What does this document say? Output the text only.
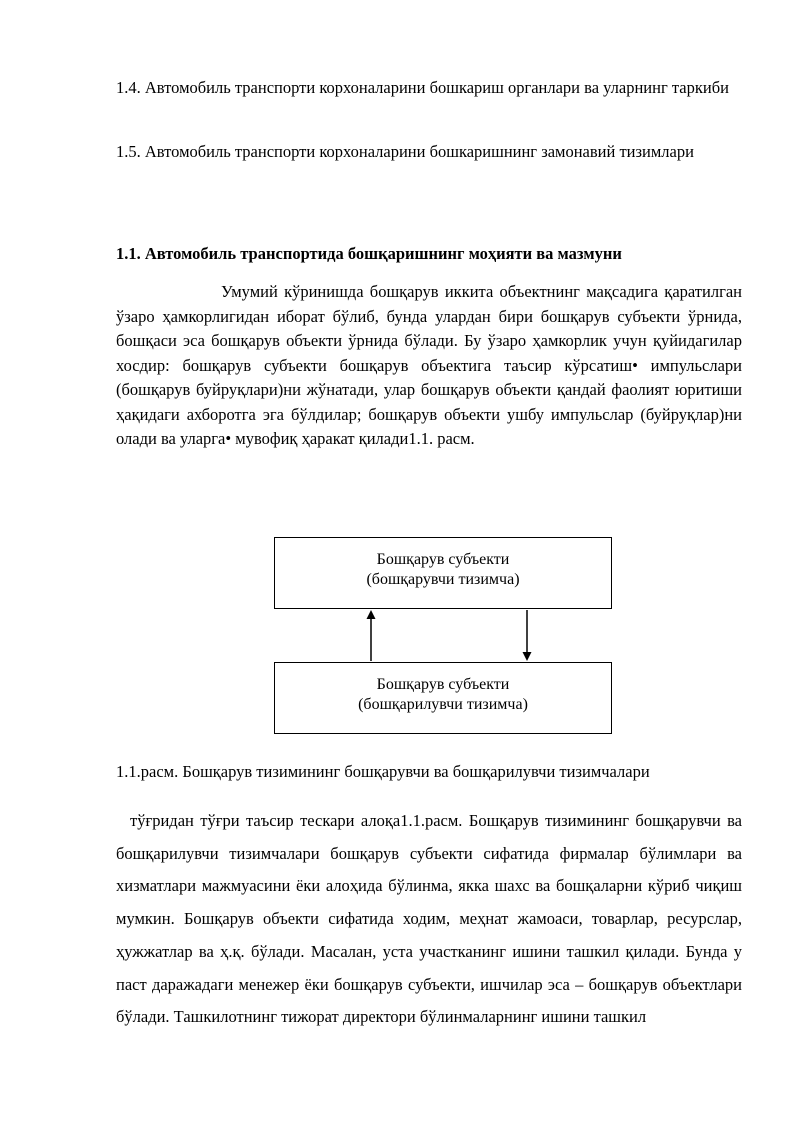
1.4. Автомобиль транспорти корхоналарини бошкариш органлари ва уларнинг таркиби

1.5. Автомобиль транспорти корхоналарини бошкаришнинг замонавий тизимлари

1.1. Автомобиль транспортида бошқаришнинг моҳияти ва мазмуни

Умумий кўринишда бошқарув иккита объектнинг мақсадига қаратилган ўзаро ҳамкорлигидан иборат бўлиб, бунда улардан бири бошқарув субъекти ўрнида, бошқаси эса бошқарув объекти ўрнида бўлади. Бу ўзаро ҳамкорлик учун қуйидагилар хосдир: бошқарув субъекти бошқарув объектига таъсир кўрсатиш• импульслари (бошқарув буйруқлари)ни жўнатади, улар бошқарув объекти қандай фаолият юритиши ҳақидаги ахборотга эга бўлдилар; бошқарув объекти ушбу импульслар (буйруқлар)ни олади ва уларга• мувофиқ ҳаракат қилади1.1. расм.

Бошқарув субъекти
(бошқарувчи тизимча)
Бошқарув субъекти
(бошқарилувчи тизимча)

1.1.расм. Бошқарув тизимининг бошқарувчи ва бошқарилувчи тизимчалари

тўғридан тўғри таъсир тескари алоқа1.1.расм. Бошқарув тизимининг бошқарувчи ва бошқарилувчи тизимчалари бошқарув субъекти сифатида фирмалар бўлимлари ва хизматлари мажмуасини ёки алоҳида бўлинма, якка шахс ва бошқаларни кўриб чиқиш мумкин. Бошқарув объекти сифатида ходим, меҳнат жамоаси, товарлар, ресурслар, ҳужжатлар ва ҳ.қ. бўлади. Масалан, уста участканинг ишини ташкил қилади. Бунда у паст даражадаги менежер ёки бошқарув субъекти, ишчилар эса – бошқарув объектлари бўлади. Ташкилотнинг тижорат директори бўлинмаларнинг ишини ташкил
